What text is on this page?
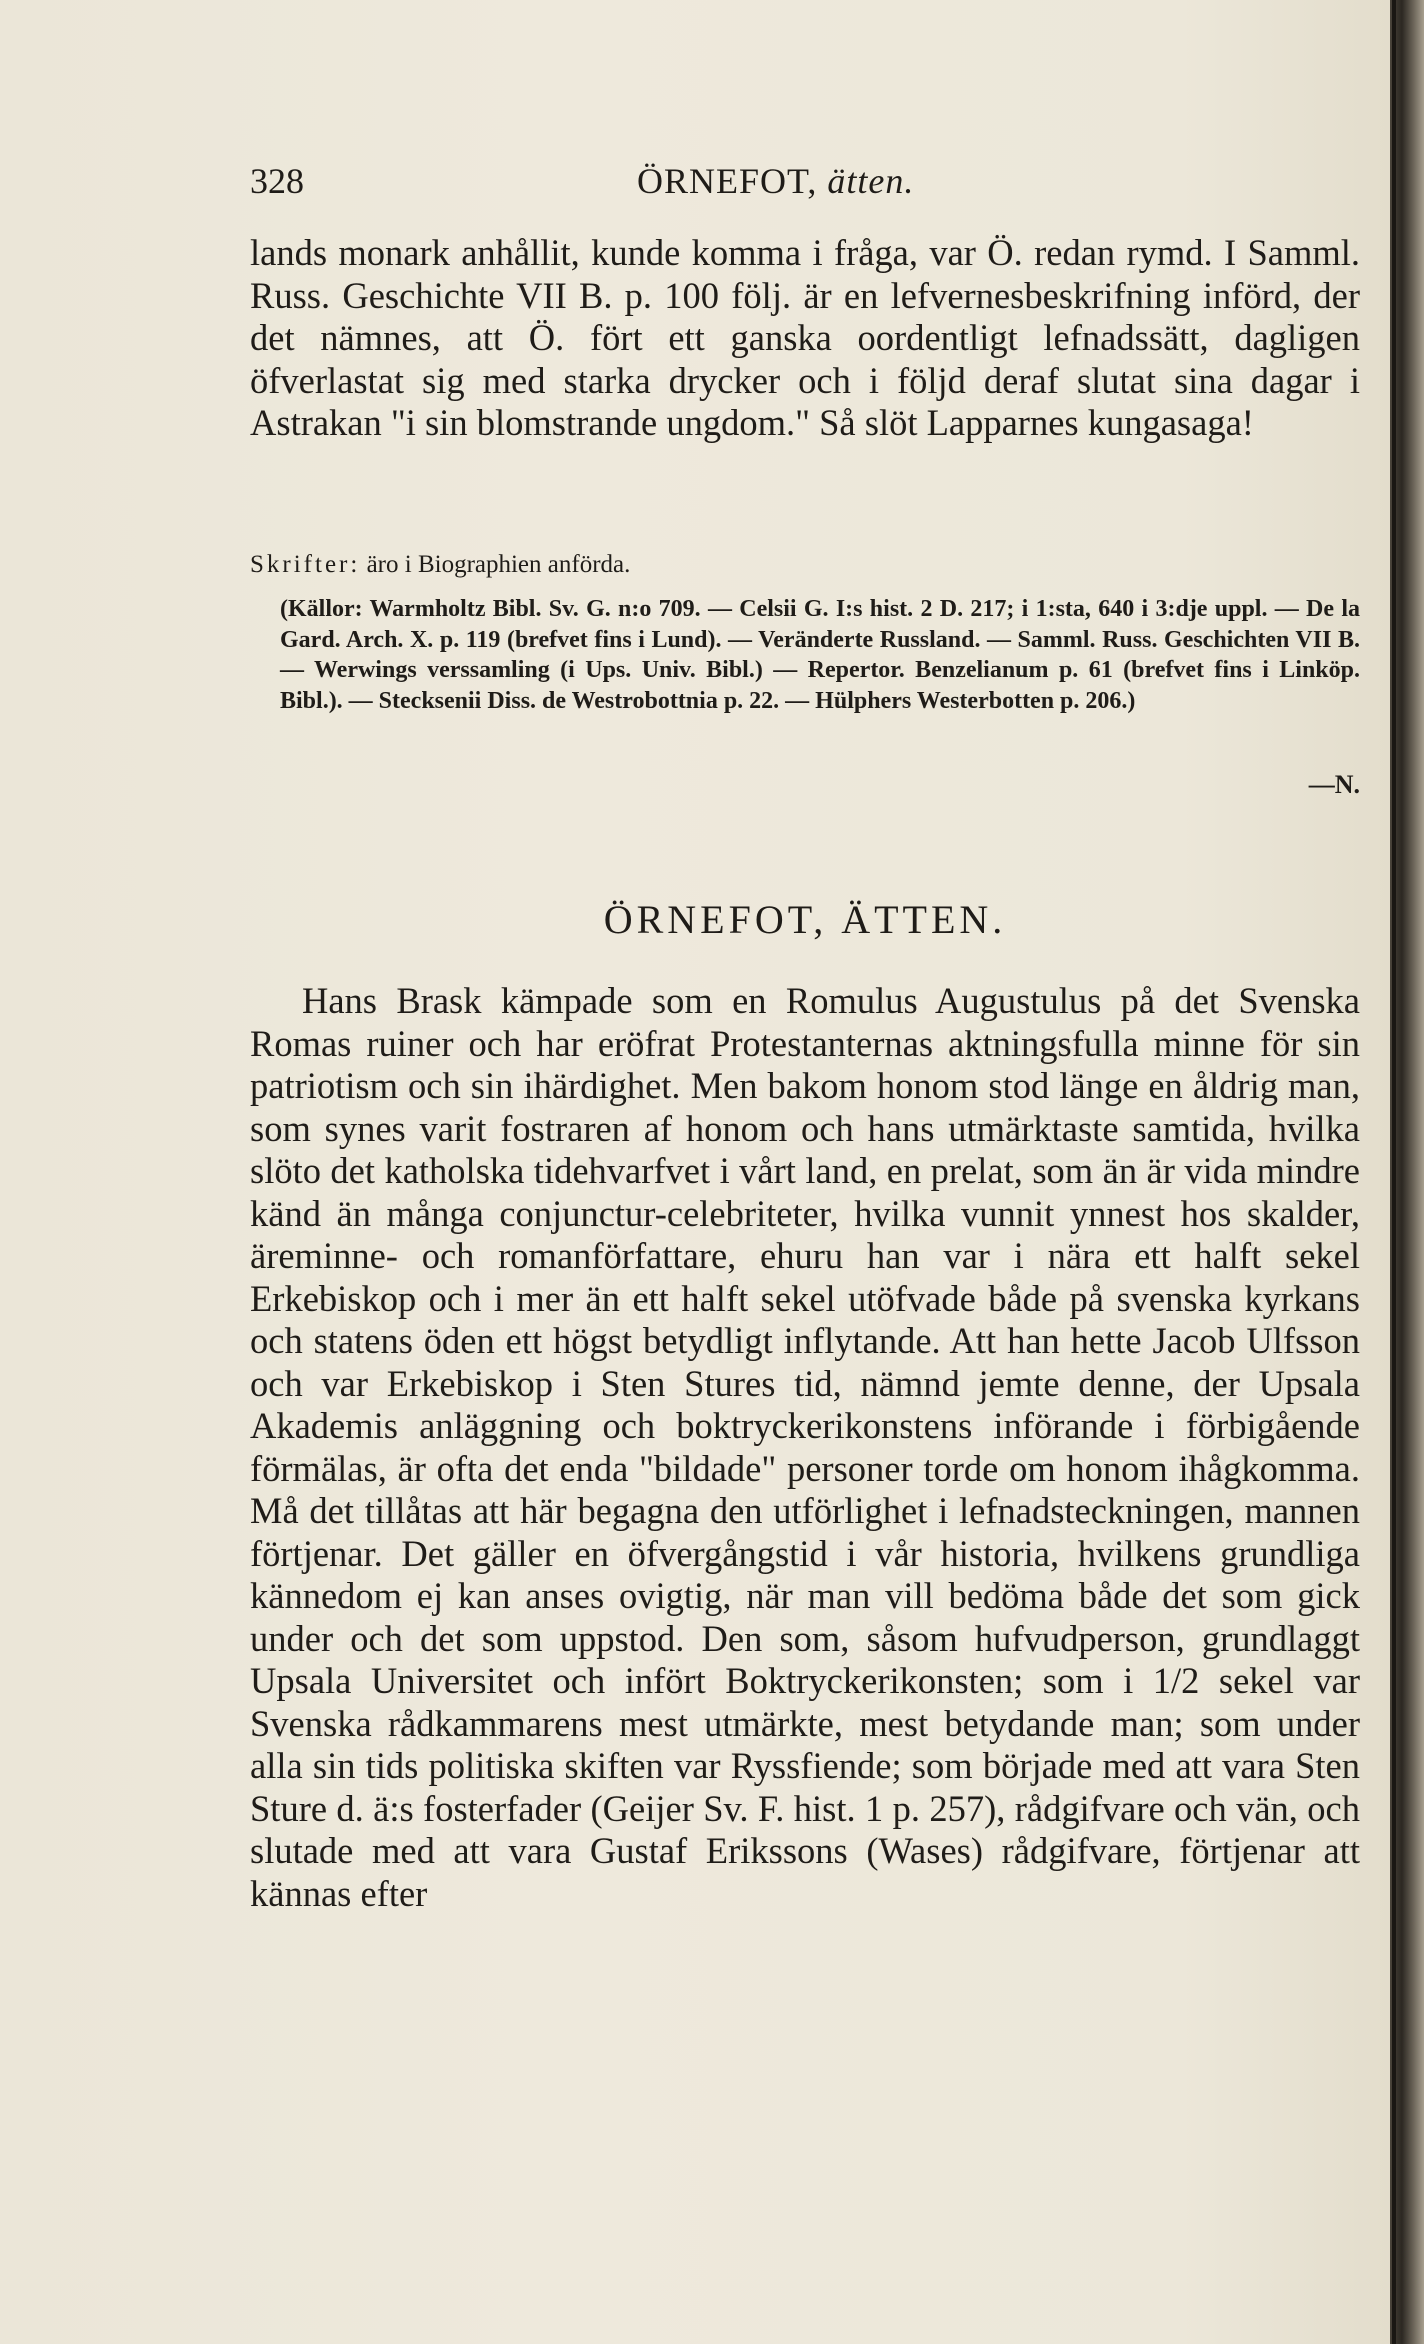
328	ÖRNEFOT, ätten.

lands monark anhållit, kunde komma i fråga, var Ö. redan rymd. I Samml. Russ. Geschichte VII B. p. 100 följ. är en lefvernesbeskrifning införd, der det nämnes, att Ö. fört ett ganska oordentligt lefnadssätt, dagligen öfverlastat sig med starka drycker och i följd deraf slutat sina dagar i Astrakan "i sin blomstrande ungdom." Så slöt Lapparnes kungasaga!

Skrifter: äro i Biographien anförda.

(Källor: Warmholtz Bibl. Sv. G. n:o 709. — Celsii G. I:s hist. 2 D. 217; i 1:sta, 640 i 3:dje uppl. — De la Gard. Arch. X. p. 119 (brefvet fins i Lund). — Veränderte Russland. — Samml. Russ. Geschichten VII B. — Werwings verssamling (i Ups. Univ. Bibl.) — Repertor. Benzelianum p. 61 (brefvet fins i Linköp. Bibl.). — Stecksenii Diss. de Westrobottnia p. 22. — Hülphers Westerbotten p. 206.)

—N.
ÖRNEFOT, ÄTTEN.

Hans Brask kämpade som en Romulus Augustulus på det Svenska Romas ruiner och har eröfrat Protestanternas aktningsfulla minne för sin patriotism och sin ihärdighet. Men bakom honom stod länge en åldrig man, som synes varit fostraren af honom och hans utmärktaste samtida, hvilka slöto det katholska tidehvarfvet i vårt land, en prelat, som än är vida mindre känd än många conjunctur-celebriteter, hvilka vunnit ynnest hos skalder, äreminne- och romanförfattare, ehuru han var i nära ett halft sekel Erkebiskop och i mer än ett halft sekel utöfvade både på svenska kyrkans och statens öden ett högst betydligt inflytande. Att han hette Jacob Ulfsson och var Erkebiskop i Sten Stures tid, nämnd jemte denne, der Upsala Akademis anläggning och boktryckerikonstens införande i förbigående förmälas, är ofta det enda "bildade" personer torde om honom ihågkomma. Må det tillåtas att här begagna den utförlighet i lefnadsteckningen, mannen förtjenar. Det gäller en öfvergångstid i vår historia, hvilkens grundliga kännedom ej kan anses ovigtig, när man vill bedöma både det som gick under och det som uppstod. Den som, såsom hufvudperson, grundlaggt Upsala Universitet och infört Boktryckerikonsten; som i 1/2 sekel var Svenska rådkammarens mest utmärkte, mest betydande man; som under alla sin tids politiska skiften var Ryssfiende; som började med att vara Sten Sture d. ä:s fosterfader (Geijer Sv. F. hist. 1 p. 257), rådgifvare och vän, och slutade med att vara Gustaf Erikssons (Wases) rådgifvare, förtjenar att kännas efter
